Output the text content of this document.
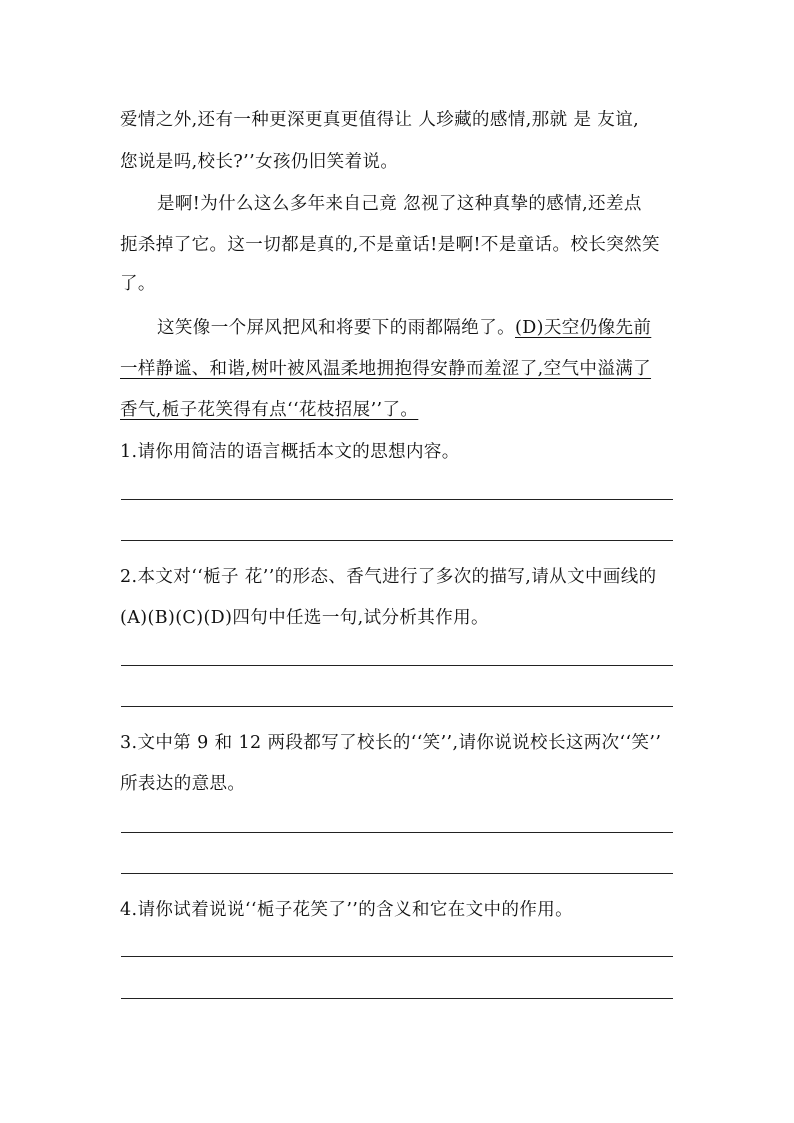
爱情之外,还有一种更深更真更值得让 人珍藏的感情,那就 是 友谊,
您说是吗,校长?’’女孩仍旧笑着说。
是啊!为什么这么多年来自己竟 忽视了这种真挚的感情,还差点
扼杀掉了它。这一切都是真的,不是童话!是啊!不是童话。校长突然笑
了。
这笑像一个屏风把风和将要下的雨都隔绝了。(D)天空仍像先前
一样静谧、和谐,树叶被风温柔地拥抱得安静而羞涩了,空气中溢满了
香气,栀子花笑得有点‘‘花枝招展’’了。
1.请你用简洁的语言概括本文的思想内容。
2.本文对‘‘栀子 花’’的形态、香气进行了多次的描写,请从文中画线的
(A)(B)(C)(D)四句中任选一句,试分析其作用。
3.文中第 9 和 12 两段都写了校长的‘‘笑’’,请你说说校长这两次‘‘笑’’
所表达的意思。
4.请你试着说说‘‘栀子花笑了’’的含义和它在文中的作用。
